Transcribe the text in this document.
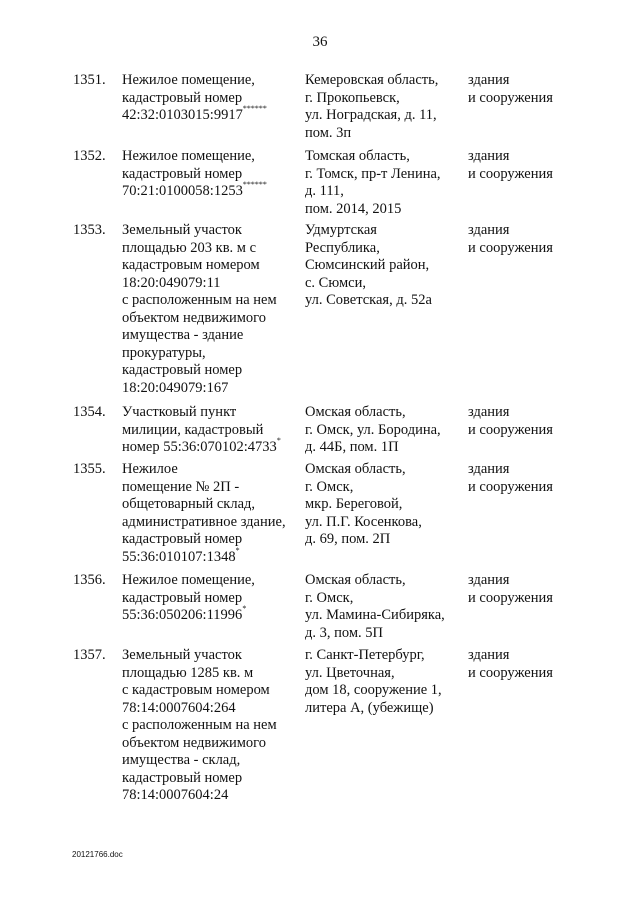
36
1351. Нежилое помещение,
кадастровый номер
42:32:0103015:9917******
Кемеровская область,
г. Прокопьевск,
ул. Ноградская, д. 11,
пом. 3п
здания
и сооружения
1352. Нежилое помещение,
кадастровый номер
70:21:0100058:1253******
Томская область,
г. Томск, пр-т Ленина,
д. 111,
пом. 2014, 2015
здания
и сооружения
1353. Земельный участок
площадью 203 кв. м с
кадастровым номером
18:20:049079:11
с расположенным на нем
объектом недвижимого
имущества - здание
прокуратуры,
кадастровый номер
18:20:049079:167
Удмуртская
Республика,
Сюмсинский район,
с. Сюмси,
ул. Советская, д. 52а
здания
и сооружения
1354. Участковый пункт
милиции, кадастровый
номер 55:36:070102:4733*
Омская область,
г. Омск, ул. Бородина,
д. 44Б, пом. 1П
здания
и сооружения
1355. Нежилое
помещение № 2П -
общетоварный склад,
административное здание,
кадастровый номер
55:36:010107:1348*
Омская область,
г. Омск,
мкр. Береговой,
ул. П.Г. Косенкова,
д. 69, пом. 2П
здания
и сооружения
1356. Нежилое помещение,
кадастровый номер
55:36:050206:11996*
Омская область,
г. Омск,
ул. Мамина-Сибиряка,
д. 3, пом. 5П
здания
и сооружения
1357. Земельный участок
площадью 1285 кв. м
с кадастровым номером
78:14:0007604:264
с расположенным на нем
объектом недвижимого
имущества - склад,
кадастровый номер
78:14:0007604:24
г. Санкт-Петербург,
ул. Цветочная,
дом 18, сооружение 1,
литера А, (убежище)
здания
и сооружения
20121766.doc
